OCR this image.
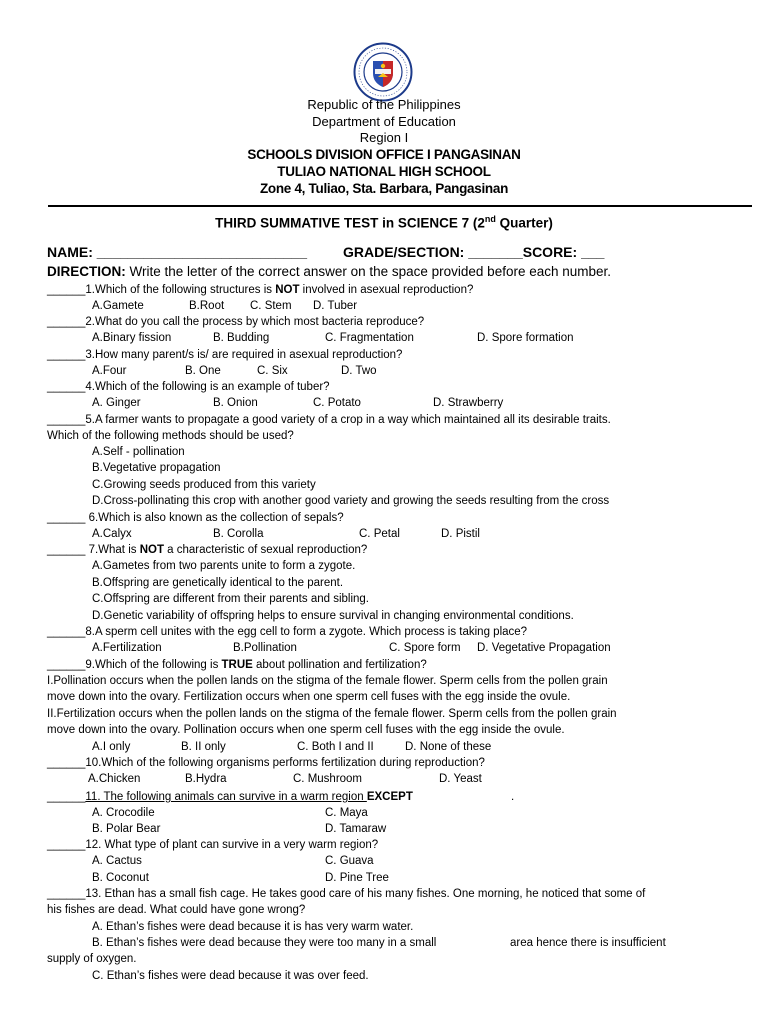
Republic of the Philippines
Department of Education
Region I
SCHOOLS DIVISION OFFICE I PANGASINAN
TULIAO NATIONAL HIGH SCHOOL
Zone 4, Tuliao, Sta. Barbara, Pangasinan
THIRD SUMMATIVE TEST in SCIENCE 7 (2nd Quarter)
NAME: ___________________________	GRADE/SECTION: _______SCORE: ___
DIRECTION: Write the letter of the correct answer on the space provided before each number.
______1.Which of the following structures is NOT involved in asexual reproduction?
A.Gamete	B.Root C. Stem D. Tuber
______2.What do you call the process by which most bacteria reproduce?
A.Binary fission	B. Budding	C. Fragmentation	D. Spore formation
______3.How many parent/s is/ are required in asexual reproduction?
A.Four	B. One	C. Six	D. Two
______4.Which of the following is an example of tuber?
A. Ginger	B. Onion	C. Potato	D. Strawberry
______5.A farmer wants to propagate a good variety of a crop in a way which maintained all its desirable traits.
Which of the following methods should be used?
A.Self - pollination
B.Vegetative propagation
C.Growing seeds produced from this variety
D.Cross-pollinating this crop with another good variety and growing the seeds resulting from the cross
______ 6.Which is also known as the collection of sepals?
A.Calyx	B. Corolla	C. Petal	D. Pistil
______ 7.What is NOT a characteristic of sexual reproduction?
A.Gametes from two parents unite to form a zygote.
B.Offspring are genetically identical to the parent.
C.Offspring are different from their parents and sibling.
D.Genetic variability of offspring helps to ensure survival in changing environmental conditions.
______8.A sperm cell unites with the egg cell to form a zygote. Which process is taking place?
A.Fertilization	B.Pollination	C. Spore form D. Vegetative Propagation
______9.Which of the following is TRUE about pollination and fertilization?
I.Pollination occurs when the pollen lands on the stigma of the female flower. Sperm cells from the pollen grain
move down into the ovary. Fertilization occurs when one sperm cell fuses with the egg inside the ovule.
II.Fertilization occurs when the pollen lands on the stigma of the female flower. Sperm cells from the pollen grain
move down into the ovary. Pollination occurs when one sperm cell fuses with the egg inside the ovule.
A.I only	B. II only	C. Both I and II	D. None of these
______10.Which of the following organisms performs fertilization during reproduction?
A.Chicken	B.Hydra	C. Mushroom	D. Yeast
______11. The following animals can survive in a warm region EXCEPT	.
A. Crocodile	C. Maya
B. Polar Bear	D. Tamaraw
______12. What type of plant can survive in a very warm region?
A. Cactus	C. Guava
B. Coconut	D. Pine Tree
______13. Ethan has a small fish cage. He takes good care of his many fishes. One morning, he noticed that some of
his fishes are dead. What could have gone wrong?
A. Ethan’s fishes were dead because it is has very warm water.
B. Ethan’s fishes were dead because they were too many in a small	area hence there is insufficient
supply of oxygen.
C. Ethan’s fishes were dead because it was over feed.
